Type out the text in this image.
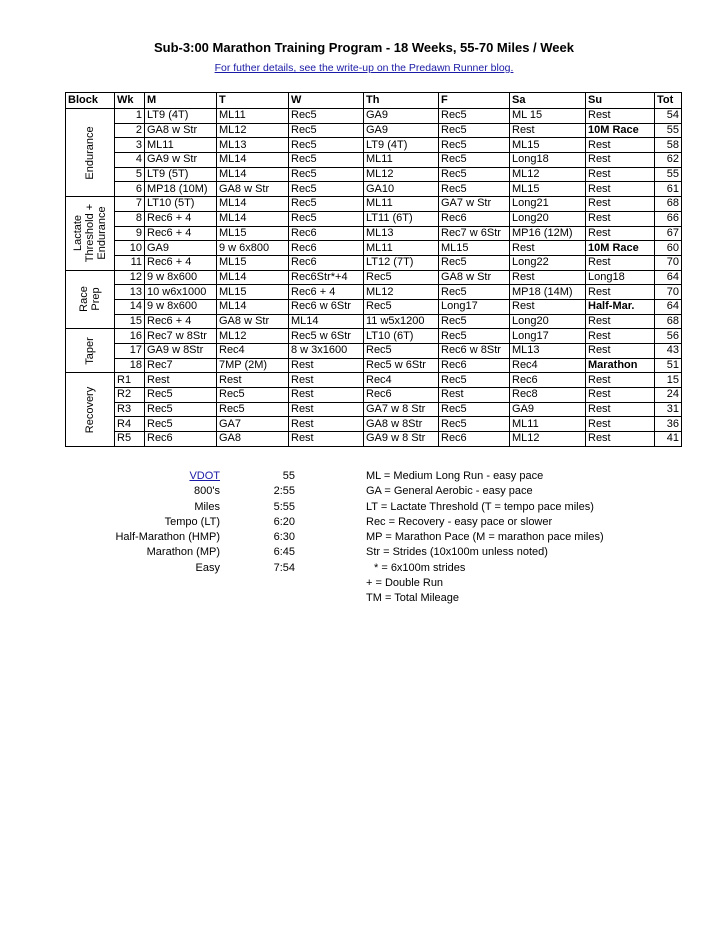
Sub-3:00 Marathon Training Program - 18 Weeks, 55-70 Miles / Week
For futher details, see the write-up on the Predawn Runner blog.
Block	Wk	M	T	W	Th	F	Sa	Su	Tot

Endurance	1	LT9 (4T)	ML11	Rec5	GA9	Rec5	ML 15	Rest	54
	2	GA8 w Str	ML12	Rec5	GA9	Rec5	Rest	10M Race	55
	3	ML11	ML13	Rec5	LT9 (4T)	Rec5	ML15	Rest	58
	4	GA9 w Str	ML14	Rec5	ML11	Rec5	Long18	Rest	62
	5	LT9 (5T)	ML14	Rec5	ML12	Rec5	ML12	Rest	55
	6	MP18 (10M)	GA8 w Str	Rec5	GA10	Rec5	ML15	Rest	61

Lactate Threshold + Endurance	7	LT10 (5T)	ML14	Rec5	ML11	GA7 w Str	Long21	Rest	68
	8	Rec6 + 4	ML14	Rec5	LT11 (6T)	Rec6	Long20	Rest	66
	9	Rec6 + 4	ML15	Rec6	ML13	Rec7 w 6Str	MP16 (12M)	Rest	67
	10	GA9	9 w 6x800	Rec6	ML11	ML15	Rest	10M Race	60
	11	Rec6 + 4	ML15	Rec6	LT12 (7T)	Rec5	Long22	Rest	70

Race Prep	12	9 w 8x600	ML14	Rec6Str*+4	Rec5	GA8 w Str	Rest	Long18	64
	13	10 w6x1000	ML15	Rec6 + 4	ML12	Rec5	MP18 (14M)	Rest	70
	14	9 w 8x600	ML14	Rec6 w 6Str	Rec5	Long17	Rest	Half-Mar.	64
	15	Rec6 + 4	GA8 w Str	ML14	11 w5x1200	Rec5	Long20	Rest	68

Taper	16	Rec7 w 8Str	ML12	Rec5 w 6Str	LT10 (6T)	Rec5	Long17	Rest	56
	17	GA9 w 8Str	Rec4	8 w 3x1600	Rec5	Rec6 w 8Str	ML13	Rest	43
	18	Rec7	7MP (2M)	Rest	Rec5 w 6Str	Rec6	Rec4	Marathon	51

Recovery	R1	Rest	Rest	Rest	Rec4	Rec5	Rec6	Rest	15
	R2	Rec5	Rec5	Rest	Rec6	Rest	Rec8	Rest	24
	R3	Rec5	Rec5	Rest	GA7 w 8 Str	Rec5	GA9	Rest	31
	R4	Rec5	GA7	Rest	GA8 w 8Str	Rec5	ML11	Rest	36
	R5	Rec6	GA8	Rest	GA9 w 8 Str	Rec6	ML12	Rest	41
VDOT	55
800's	2:55
Miles	5:55
Tempo (LT)	6:20
Half-Marathon (HMP)	6:30
Marathon (MP)	6:45
Easy	7:54
ML = Medium Long Run - easy pace
GA = General Aerobic - easy pace
LT = Lactate Threshold (T = tempo pace miles)
Rec = Recovery - easy pace or slower
MP = Marathon Pace (M = marathon pace miles)
Str = Strides (10x100m unless noted)
* = 6x100m strides
+ = Double Run
TM = Total Mileage
